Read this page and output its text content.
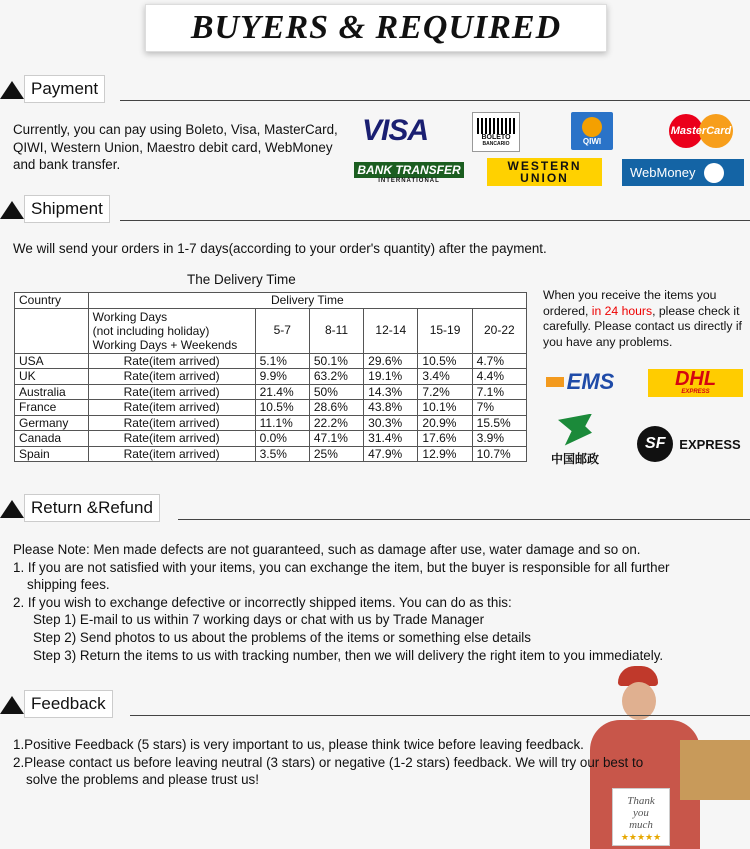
BUYERS & REQUIRED
Payment
Currently, you can pay using Boleto, Visa, MasterCard, QIWI, Western Union, Maestro debit card, WebMoney and bank transfer.
VISA	BOLETO
BANCARIO	QIWI
MasterCard
BANK TRANSFER
INTERNATIONAL
WESTERN
UNION	WebMoney
Shipment
We will send your orders in 1-7 days(according to your order's quantity) after the payment.
The Delivery Time
Country	Delivery Time					

	Working Days
(not including holiday)
Working Days + Weekends	5-7	8-11	12-14	15-19	20-22
USA	Rate(item arrived)	5.1%	50.1%	29.6%	10.5%	4.7%
UK	Rate(item arrived)	9.9%	63.2%	19.1%	3.4%	4.4%
Australia	Rate(item arrived)	21.4%	50%	14.3%	7.2%	7.1%
France	Rate(item arrived)	10.5%	28.6%	43.8%	10.1%	7%
Germany	Rate(item arrived)	11.1%	22.2%	30.3%	20.9%	15.5%
Canada	Rate(item arrived)	0.0%	47.1%	31.4%	17.6%	3.9%
Spain	Rate(item arrived)	3.5%	25%	47.9%	12.9%	10.7%
When you receive the items you ordered, in 24 hours, please check it carefully. Please contact us directly if you have any problems.
EMS	DHL
EXPRESS
中国邮政
SF	EXPRESS
Return &Refund
Please Note: Men made defects are not guaranteed, such as damage after use, water damage and so on.
1. If you are not satisfied with your items, you can exchange the item, but the buyer is responsible for all further
shipping fees.
2. If you wish to exchange defective or incorrectly shipped items. You can do as this:
Step 1) E-mail to us within 7 working days or chat with us by Trade Manager
Step 2) Send photos to us about the problems of the items or something else details
Step 3) Return the items to us with tracking number, then we will delivery the right item to you immediately.
Thank
you
much
★★★★★
Feedback
1.Positive Feedback (5 stars) is very important to us, please think twice before leaving feedback.
2.Please contact us before leaving neutral (3 stars) or negative (1-2 stars) feedback. We will try our best to
solve the problems and please trust us!
